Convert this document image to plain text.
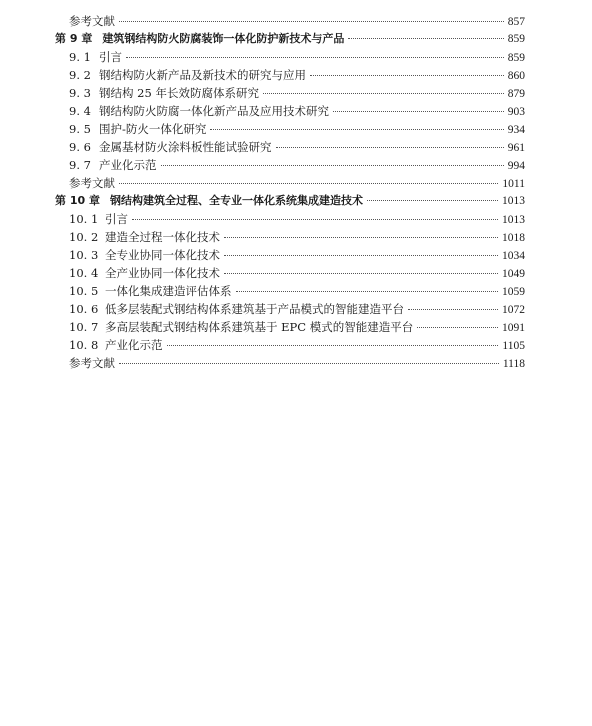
参考文献	857
第 9 章 建筑钢结构防火防腐装饰一体化防护新技术与产品	859
9. 1 引言	859
9. 2 钢结构防火新产品及新技术的研究与应用	860
9. 3 钢结构 25 年长效防腐体系研究	879
9. 4 钢结构防火防腐一体化新产品及应用技术研究	903
9. 5 围护-防火一体化研究	934
9. 6 金属基材防火涂料板性能试验研究	961
9. 7 产业化示范	994
参考文献	1011
第 10 章 钢结构建筑全过程、全专业一体化系统集成建造技术	1013
10. 1 引言	1013
10. 2 建造全过程一体化技术	1018
10. 3 全专业协同一体化技术	1034
10. 4 全产业协同一体化技术	1049
10. 5 一体化集成建造评估体系	1059
10. 6 低多层装配式钢结构体系建筑基于产品模式的智能建造平台	1072
10. 7 多高层装配式钢结构体系建筑基于 EPC 模式的智能建造平台	1091
10. 8 产业化示范	1105
参考文献	1118
